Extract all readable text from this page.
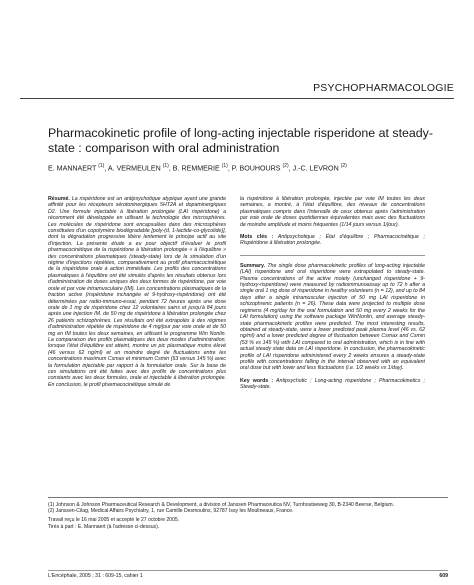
PSYCHOPHARMACOLOGIE
Pharmacokinetic profile of long-acting injectable risperidone at steady-state : comparison with oral administration
E. MANNAERT $^{(1)}$, A. VERMEULEN $^{(1)}$, B. REMMERIE $^{(1)}$, P. BOUHOURS $^{(2)}$, J.-C. LEVRON $^{(2)}$

Résumé. La rispéridone est un antipsychotique atypique ayant une grande affinité pour les récepteurs sérotoninergiques 5HT2A et dopaminergiques D2. Une formule injectable à libération prolongée (LAI rispéridone) a récemment été développée en utilisant la technologie des microsphères. Les molécules de rispéridone sont encapsulées dans des microsphères constituées d'un copolymère biodégradable [poly-(d, 1-lactide-co-glycolide)], dont la dégradation progressive libère lentement le principe actif au site d'injection. La présente étude a eu pour objectif d'évaluer le profil pharmacocinétique de la rispéridone à libération prolongée « à l'équilibre » des concentrations plasmatiques (steady-state) lors de la simulation d'un régime d'injections répétées, comparativement au profil pharmacocinétique de la rispéridone orale à action immédiate. Les profils des concentrations plasmatiques à l'équilibre ont été simulés d'après les résultats obtenus lors d'administration de doses uniques des deux formes de rispéridone, par voie orale et par voie intramusculaire (IM). Les concentrations plasmatiques de la fraction active (rispéridone inchangée et 9-hydroxy-rispéridone) ont été déterminées par radio-immuno-essai, pendant 72 heures après une dose orale de 1 mg de rispéridone chez 12 volontaires sains et jusqu'à 84 jours après une injection IM. de 50 mg de rispéridone à libération prolongée chez 26 patients schizophrènes. Les résultats ont été extrapolés à des régimes d'administration répétée de rispéridone de 4 mg/jour par voie orale et de 50 mg en IM toutes les deux semaines, en utilisant le programme Win Nonlin. La comparaison des profils plasmatiques des deux modes d'administration, lorsque l'état d'équilibre est atteint, montre un pic plasmatique moins élevé (46 versus 62 ng/ml) et un moindre degré de fluctuations entre les concentrations maximum Csmax et minimum Csmin (53 versus 145 %) avec la formulation injectable par rapport à la formulation orale. Sur la base de ces simulations ont été faites avec des profils de concentrations plus constants avec les deux formules, orale et injectable à libération prolongée. En conclusion, le profil pharmacocinétique simulé de

la rispéridone à libération prolongée, injectée par voie IM toutes les deux semaines, a montré, à l'état d'équilibre, des niveaux de concentrations plasmatiques compris dans l'intervalle de ceux obtenus après l'administration par voie orale de doses quotidiennes équivalentes mais avec des fluctuations de moindre amplitude et moins fréquentes (1/14 jours versus 1/jour).

Mots clés : Antipsychotique ; État d'équilibre ; Pharmacocinétique ; Rispéridone à libération prolongée.

Summary. The single dose pharmacokinetic profiles of long-acting injectable (LAI) risperidone and oral risperidone were extrapolated to steady-state. Plasma concentrations of the active moiety (unchanged risperidone + 9-hydroxy-risperidone) were measured by radioimmunoassay up to 72 h after a single oral 1 mg dose of risperidone in healthy volunteers (n = 12), and up to 84 days after a single intramuscular injection of 50 mg LAI risperidone in schizophrenic patients (n = 26). These data were projected to multiple dose regimens (4 mg/day for the oral formulation and 50 mg every 2 weeks for the LAI formulation) using the software package WinNonlin, and average steady-state pharmacokinetic profiles were predicted. The most interesting results, obtained at steady-state, were a lower predicted peak plasma level (46 vs. 62 ng/ml) and a lower predicted degree of fluctuation between Csmax and Csmin (53 % vs 145 %) with LAI compared to oral administration, which is in line with actual steady state data on LAI risperidone. In conclusion, the pharmacokinetic profile of LAI risperidone administered every 2 weeks ensures a steady-state profile with concentrations falling in the interval observed with an equivalent oral dose but with lower and less fluctuations (i.e. 1/2 weeks vs 1/day).

Key words : Antipsychotic ; Long-acting risperidone ; Pharmacokinetics ; Steady-state.

(1) Johnson & Johnson Pharmaceutical Research & Development, a division of Janssen Pharmaceutica NV, Turnhoutseweg 30, B-2340 Beerse, Belgium.

(2) Janssen-Cilag, Medical Affairs Psychiatry, 1, rue Camille Desmoulins, 92787 Issy les Moulineaux, France.

Travail reçu le 16 mai 2005 et accepté le 27 octobre 2005.

Tirés à part : E. Mannaert (à l'adresse ci-dessus).

L'Encéphale, 2005 ; 31 : 609-15, cahier 1	609
